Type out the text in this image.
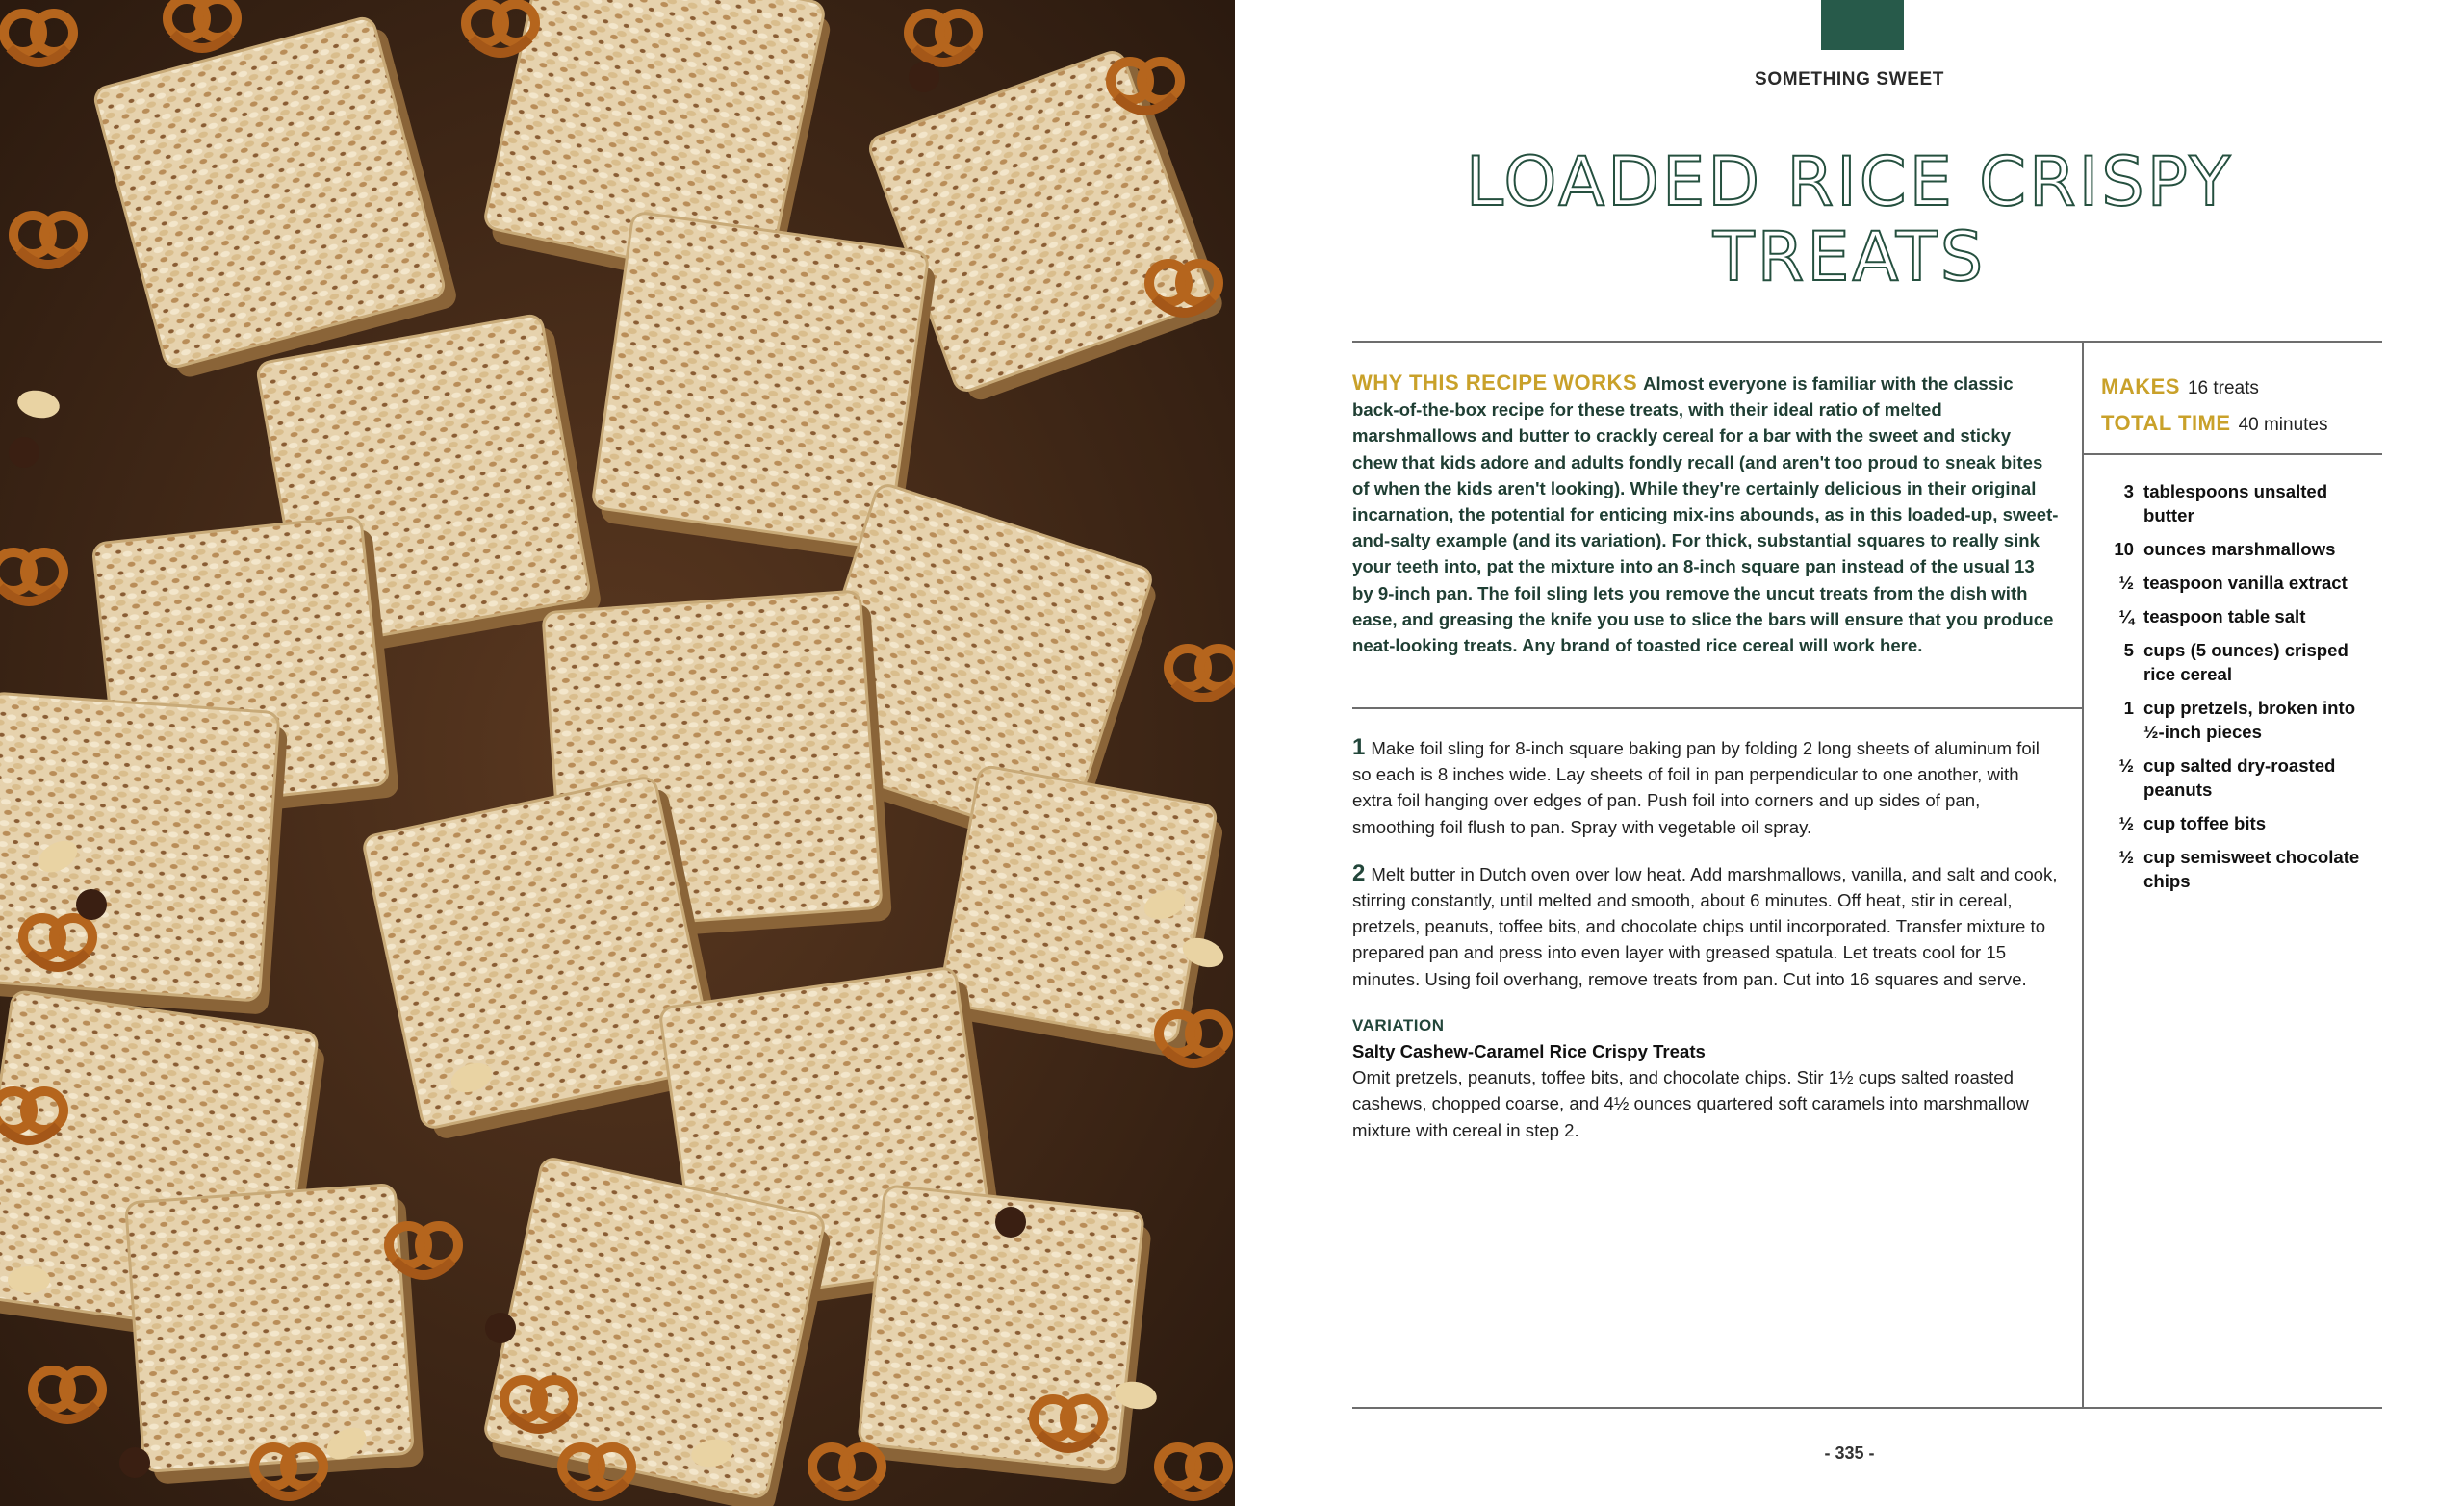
SOMETHING SWEET
LOADED RICE CRISPY
TREATS
WHY THIS RECIPE WORKS Almost everyone is familiar with the classic back-of-the-box recipe for these treats, with their ideal ratio of melted marshmallows and butter to crackly cereal for a bar with the sweet and sticky chew that kids adore and adults fondly recall (and aren't too proud to sneak bites of when the kids aren't looking). While they're certainly delicious in their original incarnation, the potential for enticing mix-ins abounds, as in this loaded-up, sweet-and-salty example (and its variation). For thick, substantial squares to really sink your teeth into, pat the mixture into an 8-inch square pan instead of the usual 13 by 9-inch pan. The foil sling lets you remove the uncut treats from the dish with ease, and greasing the knife you use to slice the bars will ensure that you produce neat-looking treats. Any brand of toasted rice cereal will work here.
MAKES 16 treats
TOTAL TIME 40 minutes
3 tablespoons unsalted butter
10 ounces marshmallows
½ teaspoon vanilla extract
¼ teaspoon table salt
5 cups (5 ounces) crisped rice cereal
1 cup pretzels, broken into ½-inch pieces
½ cup salted dry-roasted peanuts
½ cup toffee bits
½ cup semisweet chocolate chips

1 Make foil sling for 8-inch square baking pan by folding 2 long sheets of aluminum foil so each is 8 inches wide. Lay sheets of foil in pan perpendicular to one another, with extra foil hanging over edges of pan. Push foil into corners and up sides of pan, smoothing foil flush to pan. Spray with vegetable oil spray.

2 Melt butter in Dutch oven over low heat. Add marshmallows, vanilla, and salt and cook, stirring constantly, until melted and smooth, about 6 minutes. Off heat, stir in cereal, pretzels, peanuts, toffee bits, and chocolate chips until incorporated. Transfer mixture to prepared pan and press into even layer with greased spatula. Let treats cool for 15 minutes. Using foil overhang, remove treats from pan. Cut into 16 squares and serve.

VARIATION
Salty Cashew-Caramel Rice Crispy Treats
Omit pretzels, peanuts, toffee bits, and chocolate chips. Stir 1½ cups salted roasted cashews, chopped coarse, and 4½ ounces quartered soft caramels into marshmallow mixture with cereal in step 2.
- 335 -
